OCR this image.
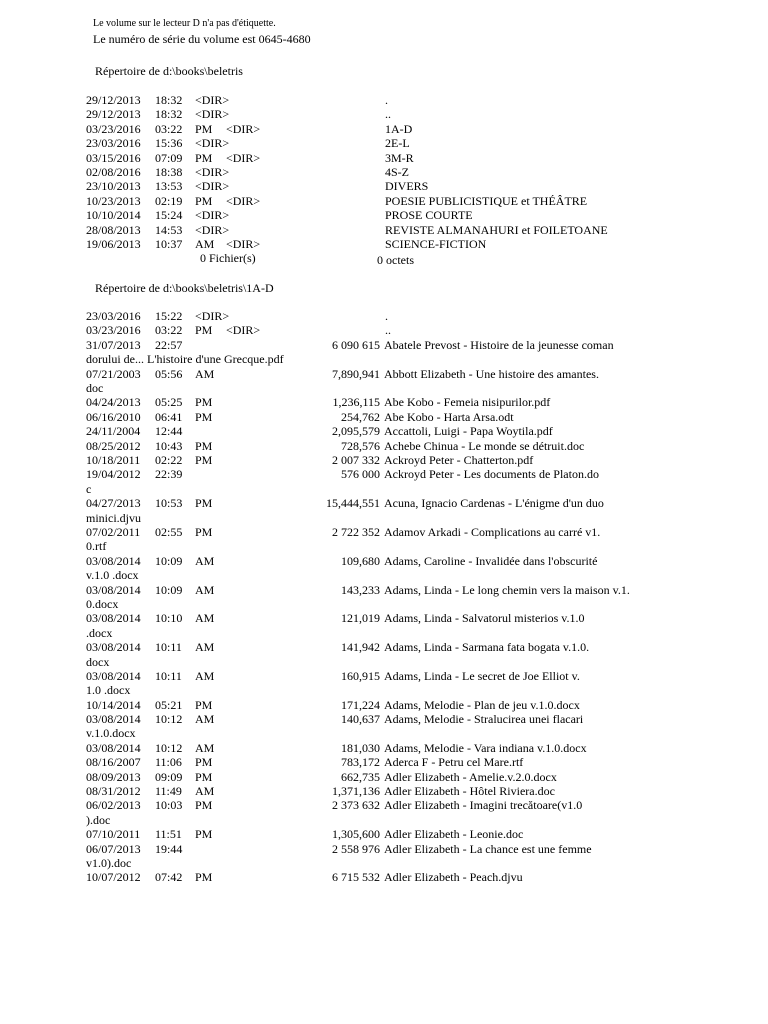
Le volume sur le lecteur D n'a pas d'étiquette.
Le numéro de série du volume est 0645-4680
Répertoire de d:\books\beletris
29/12/2013 18:32 <DIR>	.
29/12/2013 18:32 <DIR>	..
03/23/2016 03:22 PM <DIR>	1A-D
23/03/2016 15:36 <DIR>	2E-L
03/15/2016 07:09 PM <DIR>	3M-R
02/08/2016 18:38 <DIR>	4S-Z
23/10/2013 13:53 <DIR>	DIVERS
10/23/2013 02:19 PM <DIR>	POESIE PUBLICISTIQUE et THÉÂTRE
10/10/2014 15:24 <DIR>	PROSE COURTE
28/08/2013 14:53 <DIR>	REVISTE ALMANAHURI et FOILETOANE
19/06/2013 10:37 AM <DIR>	SCIENCE-FICTION
0 Fichier(s)	0 octets
Répertoire de d:\books\beletris\1A-D
23/03/2016 15:22 <DIR>	.
03/23/2016 03:22 PM <DIR>	..
31/07/2013 22:57	6 090 615 Abatele Prevost - Histoire de la jeunesse coman
dorului de... L'histoire d'une Grecque.pdf
07/21/2003 05:56 AM	7,890,941 Abbott Elizabeth - Une histoire des amantes.
doc
04/24/2013 05:25 PM	1,236,115 Abe Kobo - Femeia nisipurilor.pdf
06/16/2010 06:41 PM	254,762 Abe Kobo - Harta Arsa.odt
24/11/2004 12:44	2,095,579 Accattoli, Luigi - Papa Woytila.pdf
08/25/2012 10:43 PM	728,576 Achebe Chinua - Le monde se détruit.doc
10/18/2011 02:22 PM	2 007 332 Ackroyd Peter - Chatterton.pdf
19/04/2012 22:39	576 000 Ackroyd Peter - Les documents de Platon.do
c
04/27/2013 10:53 PM	15,444,551 Acuna, Ignacio Cardenas - L'énigme d'un duo
minici.djvu
07/02/2011 02:55 PM	2 722 352 Adamov Arkadi - Complications au carré v1.
0.rtf
03/08/2014 10:09 AM	109,680 Adams, Caroline - Invalidée dans l'obscurité
v.1.0 .docx
03/08/2014 10:09 AM	143,233 Adams, Linda - Le long chemin vers la maison v.1.
0.docx
03/08/2014 10:10 AM	121,019 Adams, Linda - Salvatorul misterios v.1.0
.docx
03/08/2014 10:11 AM	141,942 Adams, Linda - Sarmana fata bogata v.1.0.
docx
03/08/2014 10:11 AM	160,915 Adams, Linda - Le secret de Joe Elliot v.
1.0 .docx
10/14/2014 05:21 PM	171,224 Adams, Melodie - Plan de jeu v.1.0.docx
03/08/2014 10:12 AM	140,637 Adams, Melodie - Stralucirea unei flacari
v.1.0.docx
03/08/2014 10:12 AM	181,030 Adams, Melodie - Vara indiana v.1.0.docx
08/16/2007 11:06 PM	783,172 Aderca F - Petru cel Mare.rtf
08/09/2013 09:09 PM	662,735 Adler Elizabeth - Amelie.v.2.0.docx
08/31/2012 11:49 AM	1,371,136 Adler Elizabeth - Hôtel Riviera.doc
06/02/2013 10:03 PM	2 373 632 Adler Elizabeth - Imagini trecătoare(v1.0
).doc
07/10/2011 11:51 PM	1,305,600 Adler Elizabeth - Leonie.doc
06/07/2013 19:44	2 558 976 Adler Elizabeth - La chance est une femme
v1.0).doc
10/07/2012 07:42 PM	6 715 532 Adler Elizabeth - Peach.djvu
